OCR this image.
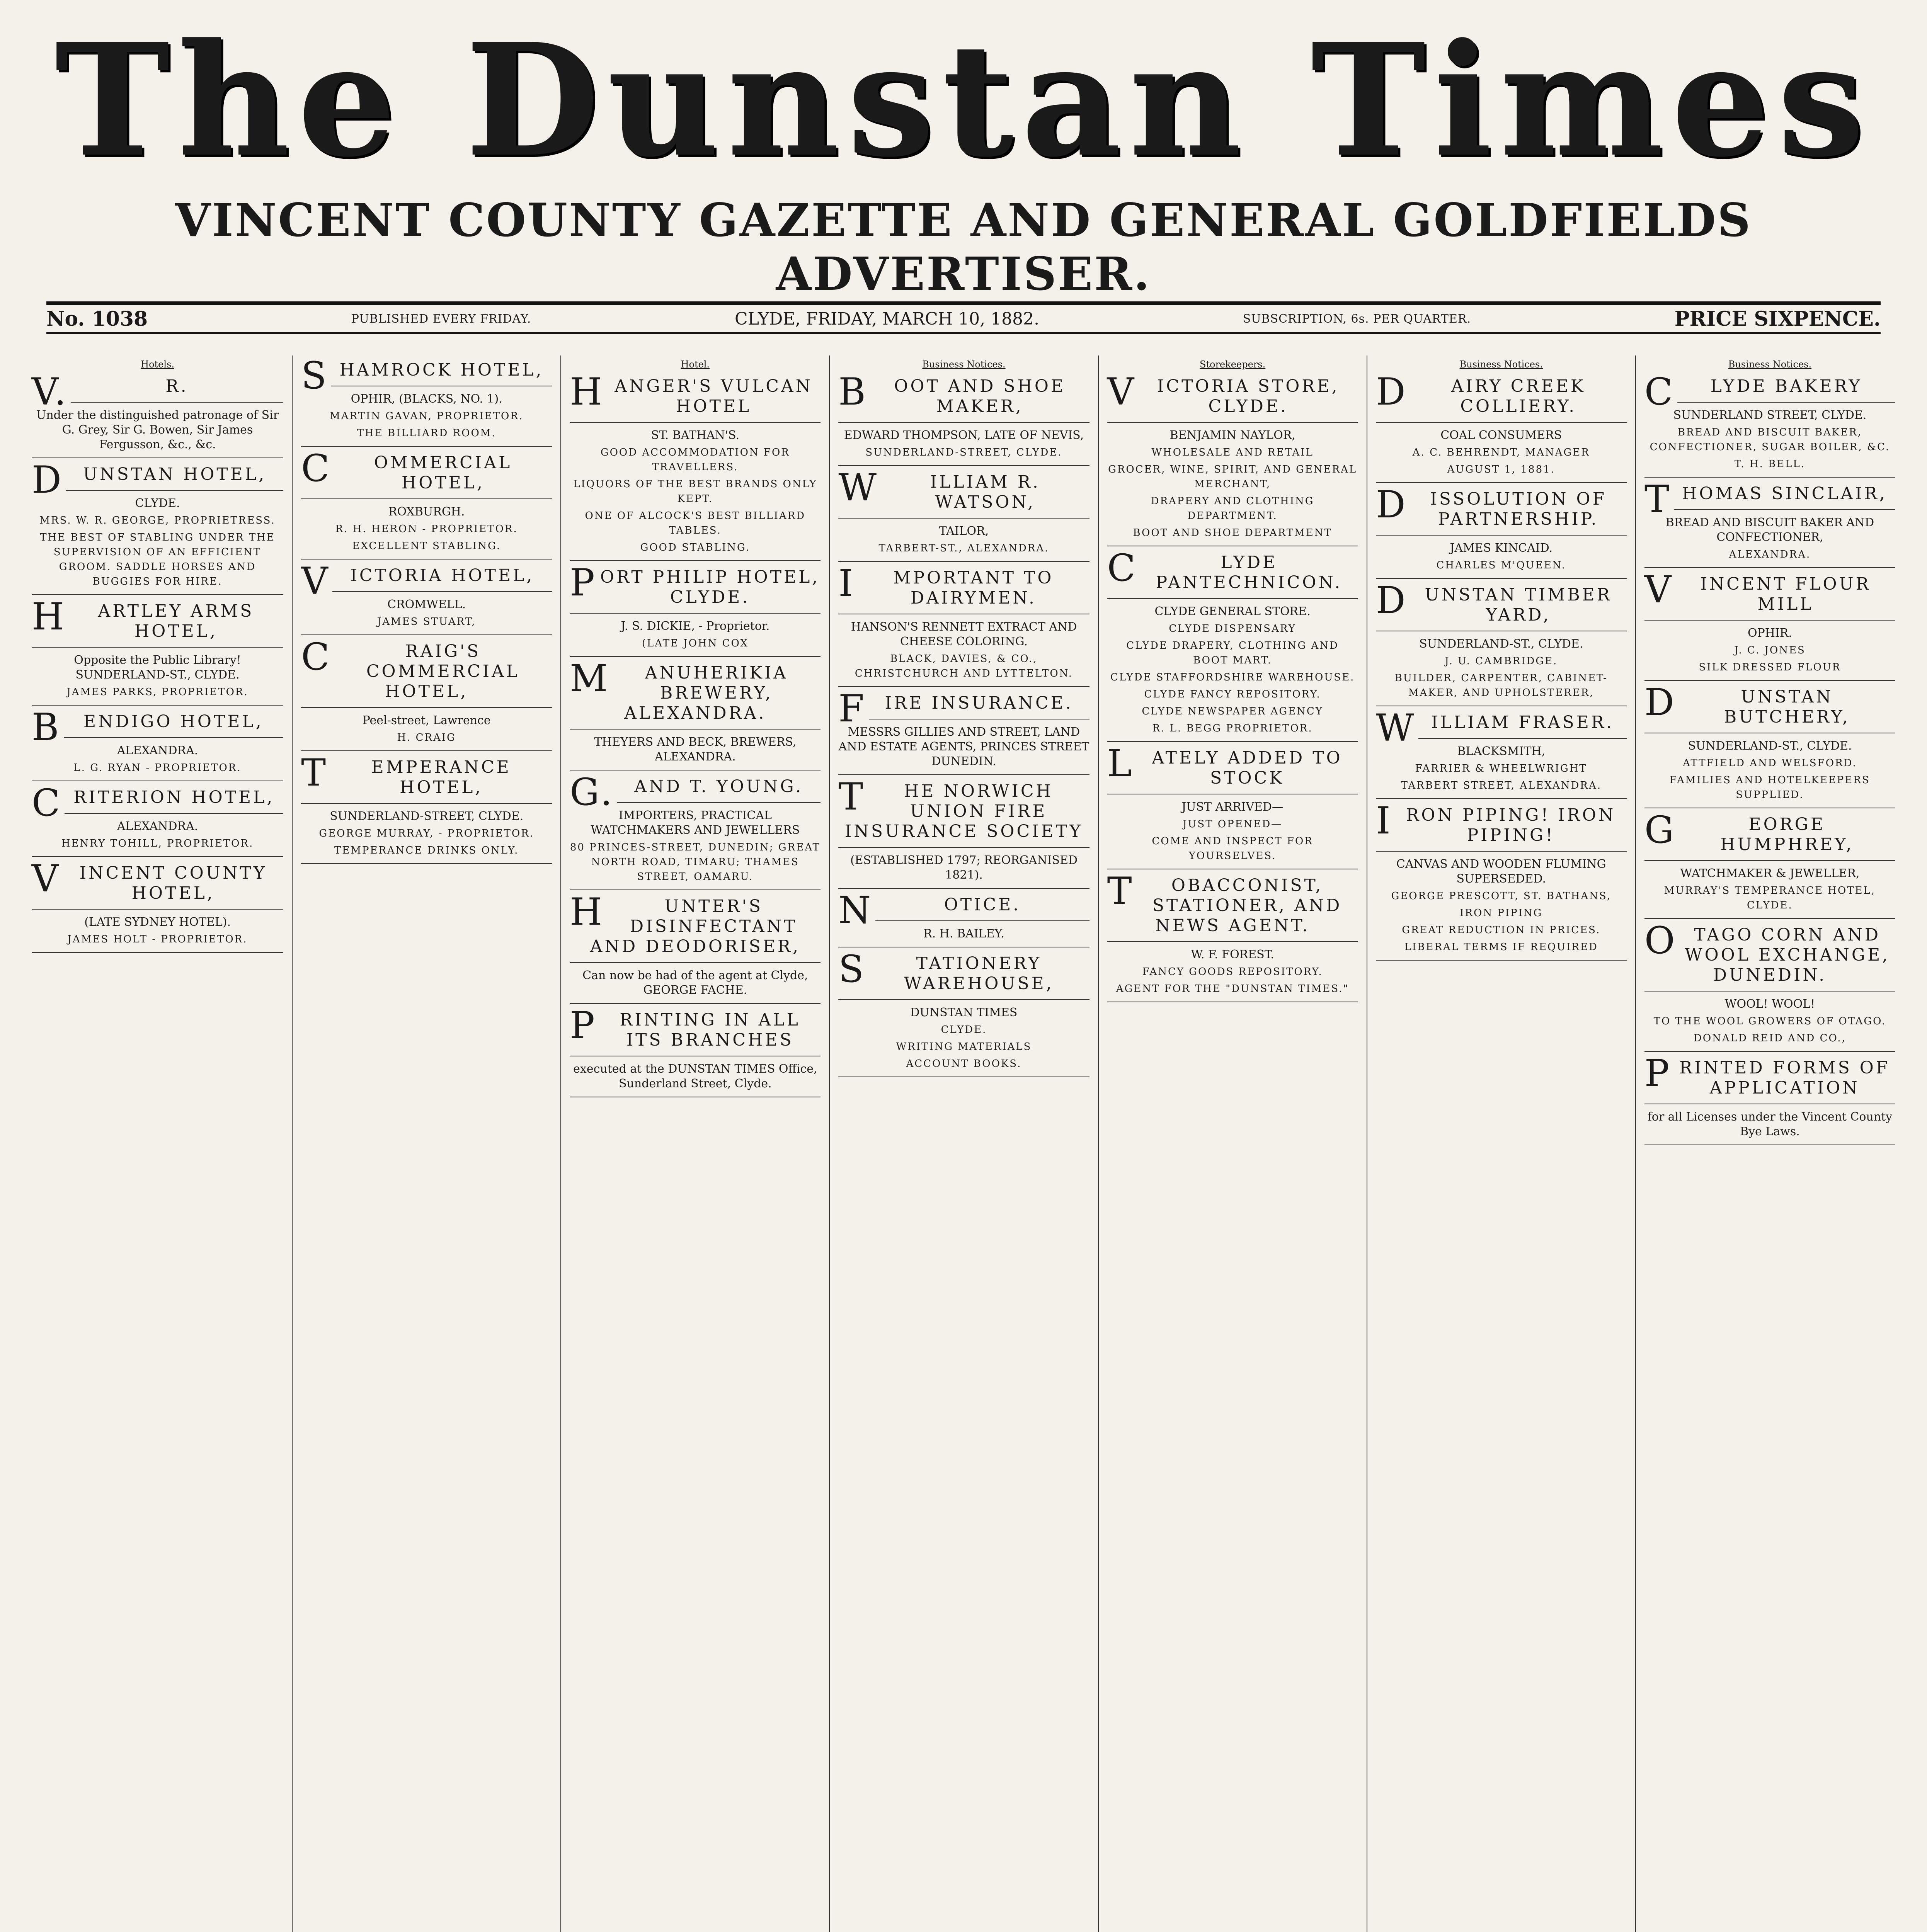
The Dunstan Times
VINCENT COUNTY GAZETTE AND GENERAL GOLDFIELDS ADVERTISER.
No. 1038	PUBLISHED EVERY FRIDAY.	CLYDE, FRIDAY, MARCH 10, 1882.	SUBSCRIPTION, 6s. PER QUARTER.	PRICE SIXPENCE.
Hotels.
V.R.

Under the distinguished patronage of Sir G. Grey, Sir G. Bowen, Sir James Fergusson, &c., &c.

DUNSTAN HOTEL,

CLYDE.

MRS. W. R. GEORGE, PROPRIETRESS.

THE BEST OF STABLING UNDER THE SUPERVISION OF AN EFFICIENT GROOM. SADDLE HORSES AND BUGGIES FOR HIRE.

HARTLEY ARMS HOTEL,

Opposite the Public Library! SUNDERLAND-ST., CLYDE.

JAMES PARKS, PROPRIETOR.

BENDIGO HOTEL,

ALEXANDRA.

L. G. RYAN - PROPRIETOR.

CRITERION HOTEL,

ALEXANDRA.

HENRY TOHILL, PROPRIETOR.

VINCENT COUNTY HOTEL,

(LATE SYDNEY HOTEL).

JAMES HOLT - PROPRIETOR.

SHAMROCK HOTEL,

OPHIR, (BLACKS, NO. 1).

MARTIN GAVAN, PROPRIETOR.

THE BILLIARD ROOM.

COMMERCIAL HOTEL,

ROXBURGH.

R. H. HERON - PROPRIETOR.

EXCELLENT STABLING.

VICTORIA HOTEL,

CROMWELL.

JAMES STUART,

CRAIG'S COMMERCIAL HOTEL,

Peel-street, Lawrence

H. CRAIG

TEMPERANCE HOTEL,

SUNDERLAND-STREET, CLYDE.

GEORGE MURRAY, - PROPRIETOR.

TEMPERANCE DRINKS ONLY.

Hotel.
HANGER'S VULCAN HOTEL

ST. BATHAN'S.

GOOD ACCOMMODATION FOR TRAVELLERS.

LIQUORS OF THE BEST BRANDS ONLY KEPT.

ONE OF ALCOCK'S BEST BILLIARD TABLES.

GOOD STABLING.

PORT PHILIP HOTEL, CLYDE.

J. S. DICKIE, - Proprietor.

(LATE JOHN COX

MANUHERIKIA BREWERY, ALEXANDRA.

THEYERS AND BECK, BREWERS, ALEXANDRA.

G.AND T. YOUNG.

IMPORTERS, PRACTICAL WATCHMAKERS AND JEWELLERS

80 PRINCES-STREET, DUNEDIN; GREAT NORTH ROAD, TIMARU; THAMES STREET, OAMARU.

HUNTER'S DISINFECTANT AND DEODORISER,

Can now be had of the agent at Clyde, GEORGE FACHE.

PRINTING IN ALL ITS BRANCHES

executed at the DUNSTAN TIMES Office, Sunderland Street, Clyde.

Business Notices.
BOOT AND SHOE MAKER,

EDWARD THOMPSON, LATE OF NEVIS,

SUNDERLAND-STREET, CLYDE.

WILLIAM R. WATSON,

TAILOR,

TARBERT-ST., ALEXANDRA.

IMPORTANT TO DAIRYMEN.

HANSON'S RENNETT EXTRACT AND CHEESE COLORING.

BLACK, DAVIES, & CO., CHRISTCHURCH AND LYTTELTON.

FIRE INSURANCE.

MESSRS GILLIES AND STREET, LAND AND ESTATE AGENTS, PRINCES STREET DUNEDIN.

THE NORWICH UNION FIRE INSURANCE SOCIETY

(ESTABLISHED 1797; REORGANISED 1821).

NOTICE.

R. H. BAILEY.

STATIONERY WAREHOUSE,

DUNSTAN TIMES

CLYDE.

WRITING MATERIALS

ACCOUNT BOOKS.

Storekeepers.
VICTORIA STORE, CLYDE.

BENJAMIN NAYLOR,

WHOLESALE AND RETAIL

GROCER, WINE, SPIRIT, AND GENERAL MERCHANT,

DRAPERY AND CLOTHING DEPARTMENT.

BOOT AND SHOE DEPARTMENT

CLYDE PANTECHNICON.

CLYDE GENERAL STORE.

CLYDE DISPENSARY

CLYDE DRAPERY, CLOTHING AND BOOT MART.

CLYDE STAFFORDSHIRE WAREHOUSE.

CLYDE FANCY REPOSITORY.

CLYDE NEWSPAPER AGENCY

R. L. BEGG PROPRIETOR.

LATELY ADDED TO STOCK

JUST ARRIVED—

JUST OPENED—

COME AND INSPECT FOR YOURSELVES.

TOBACCONIST, STATIONER, AND NEWS AGENT.

W. F. FOREST.

FANCY GOODS REPOSITORY.

AGENT FOR THE "DUNSTAN TIMES."

Business Notices.
DAIRY CREEK COLLIERY.

COAL CONSUMERS

A. C. BEHRENDT, MANAGER

AUGUST 1, 1881.

DISSOLUTION OF PARTNERSHIP.

JAMES KINCAID.

CHARLES M'QUEEN.

DUNSTAN TIMBER YARD,

SUNDERLAND-ST., CLYDE.

J. U. CAMBRIDGE.

BUILDER, CARPENTER, CABINET-MAKER, AND UPHOLSTERER,

WILLIAM FRASER.

BLACKSMITH,

FARRIER & WHEELWRIGHT

TARBERT STREET, ALEXANDRA.

IRON PIPING! IRON PIPING!

CANVAS AND WOODEN FLUMING SUPERSEDED.

GEORGE PRESCOTT, ST. BATHANS,

IRON PIPING

GREAT REDUCTION IN PRICES.

LIBERAL TERMS IF REQUIRED

Business Notices.
CLYDE BAKERY

SUNDERLAND STREET, CLYDE.

BREAD AND BISCUIT BAKER, CONFECTIONER, SUGAR BOILER, &C.

T. H. BELL.

THOMAS SINCLAIR,

BREAD AND BISCUIT BAKER AND CONFECTIONER,

ALEXANDRA.

VINCENT FLOUR MILL

OPHIR.

J. C. JONES

SILK DRESSED FLOUR

DUNSTAN BUTCHERY,

SUNDERLAND-ST., CLYDE.

ATTFIELD AND WELSFORD.

FAMILIES AND HOTELKEEPERS SUPPLIED.

GEORGE HUMPHREY,

WATCHMAKER & JEWELLER,

MURRAY'S TEMPERANCE HOTEL, CLYDE.

OTAGO CORN AND WOOL EXCHANGE, DUNEDIN.

WOOL! WOOL!

TO THE WOOL GROWERS OF OTAGO.

DONALD REID AND CO.,

PRINTED FORMS OF APPLICATION

for all Licenses under the Vincent County Bye Laws.
